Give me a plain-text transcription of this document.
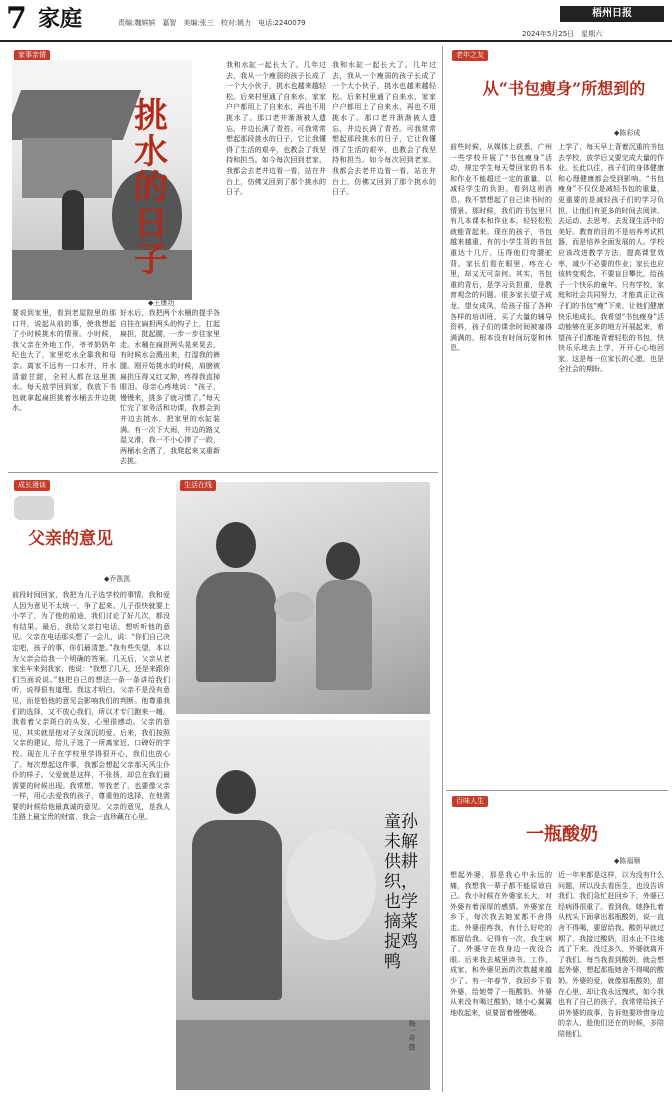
7 家庭	责编:魏嫔嫔　嘉智　美编:张三　校对:姚力　电话:2240079
梧州日报
2024年5月25日　星期六
家事亲情
挑水的日子
◆王康功
要说到家里，看到老屋院里的那口井，说起从前的事，使我想起了小时候挑水的情景。小时候，我父亲在外地工作，爷爷奶奶年纪也大了，家里吃水全靠我和母亲。离家不远有一口水井，井水清澈甘甜，全村人都在这里挑水。每天放学回到家，我放下书包就拿起扁担挑着水桶去井边挑水。
好水后，我把两个水桶的提手各自挂在扁担两头的钩子上，扛起扁担，挺起腰，一步一步往家里走。水桶在扁担两头晃来晃去，有时候水会溅出来，打湿我的裤腿。刚开始挑水的时候，肩膀被扁担压得又红又肿，疼得我直掉眼泪。母亲心疼地说：“孩子，慢慢来，挑多了就习惯了。”每天忙完了家务活和功课，我都会到井边去挑水，把家里的水缸装满。有一次下大雨，井边的路又湿又滑，我一不小心摔了一跤，两桶水全洒了，我爬起来又重新去挑。
我和水缸一起长大了。几年过去，我从一个瘦弱的孩子长成了一个大小伙子，挑水也越来越轻松。后来村里通了自来水，家家户户都用上了自来水，再也不用挑水了。那口老井渐渐被人遗忘，井边长满了青苔。可我常常想起那段挑水的日子，它让我懂得了生活的艰辛，也教会了我坚持和担当。如今每次回到老家，我都会去老井边看一看，站在井台上，仿佛又回到了那个挑水的日子。
我和水缸一起长大了。几年过去，我从一个瘦弱的孩子长成了一个大小伙子，挑水也越来越轻松。后来村里通了自来水，家家户户都用上了自来水，再也不用挑水了。那口老井渐渐被人遗忘，井边长满了青苔。可我常常想起那段挑水的日子，它让我懂得了生活的艰辛，也教会了我坚持和担当。如今每次回到老家，我都会去老井边看一看，站在井台上，仿佛又回到了那个挑水的日子。
成长漫谈
父亲的意见
◆乔凯凯
前段时间回家，我把为儿子选学校的事情，我和爱人因为意见不太统一，争了起来。儿子很快就要上小学了，为了他的前途，我们讨论了好几次，都没有结果。最后，我给父亲打电话，想听听他的意见。父亲在电话那头想了一会儿，说：“你们自己决定吧，孩子的事，你们最清楚。”我有些失望，本以为父亲会给我一个明确的答案。几天后，父亲从老家坐车来到我家，他说：“我想了几天，还是来跟你们当面说说。”他把自己的想法一条一条讲给我们听，说得很有道理。我这才明白，父亲不是没有意见，而是怕他的意见会影响我们的判断。他尊重我们的选择，又不放心我们，所以才专门跑来一趟。我看着父亲斑白的头发，心里很感动。父亲的意见，其实就是他对子女深沉的爱。后来，我们按照父亲的建议，给儿子选了一所离家近、口碑好的学校。现在儿子在学校里学得很开心，我们也放心了。每次想起这件事，我都会想起父亲那天风尘仆仆的样子。父爱就是这样，不张扬，却总在我们最需要的时候出现。我常想，等我老了，也要像父亲一样，用心去爱我的孩子，尊重他的选择，在他需要的时候给他最真诚的意见。父亲的意见，是我人生路上最宝贵的财富，我会一直珍藏在心里。
生活在线
童孙未解供耕织，也学摘菜捉鸡鸭
梅一奇 摄
老年之友
从“书包瘦身”所想到的
◆陈彩成
前些时候，从媒体上获悉，广州一些学校开展了“书包瘦身”活动，规定学生每天带回家的书本和作业不能超过一定的重量，以减轻学生的负担。看到这则消息，我不禁想起了自己读书时的情景。那时候，我们的书包里只有几本课本和作业本，轻轻松松就能背起来。现在的孩子，书包越来越重，有的小学生背的书包重达十几斤，压得他们弯腰驼背。家长们看在眼里，疼在心里，却又无可奈何。其实，书包重的背后，是学习负担重，是教育观念的问题。很多家长望子成龙、望女成凤，给孩子报了各种各样的培训班，买了大量的辅导资料，孩子们的课余时间被塞得满满的，根本没有时间玩耍和休息。
上学了，每天早上背着沉重的书包去学校，放学后又要完成大量的作业。长此以往，孩子们的身体健康和心理健康都会受到影响。“书包瘦身”不仅仅是减轻书包的重量，更重要的是减轻孩子们的学习负担，让他们有更多的时间去阅读、去运动、去思考、去发现生活中的美好。教育的目的不是培养考试机器，而是培养全面发展的人。学校应该改进教学方法，提高课堂效率，减少不必要的作业；家长也应该转变观念，不要盲目攀比，给孩子一个快乐的童年。只有学校、家庭和社会共同努力，才能真正让孩子们的书包“瘦”下来，让他们健康快乐地成长。我希望“书包瘦身”活动能够在更多的地方开展起来，希望孩子们都能背着轻松的书包，快快乐乐地去上学，开开心心地回家。这是每一位家长的心愿，也是全社会的期盼。
百味人生
一瓶酸奶
◆陈福顺
想起外婆，那是我心中永远的痛，我想我一辈子都不能原谅自己。我小时候在外婆家长大，对外婆有着深厚的感情。外婆家在乡下，每次我去她家都不舍得走。外婆很疼我，有什么好吃的都留给我。记得有一次，我生病了，外婆守在我身边一夜没合眼。后来我去城里读书、工作、成家，和外婆见面的次数越来越少了。有一年春节，我回乡下看外婆，给她带了一瓶酸奶。外婆从来没有喝过酸奶，她小心翼翼地收起来，说要留着慢慢喝。
近一年来都是这样，以为没有什么问题，所以没去看医生，也没告诉我们。我们急忙赶回乡下，外婆已经病得很重了。看到我，她挣扎着从枕头下面拿出那瓶酸奶，说一直舍不得喝，要留给我。酸奶早就过期了，我接过酸奶，泪水止不住地流了下来。没过多久，外婆就离开了我们。每当我看到酸奶，就会想起外婆，想起那瓶她舍不得喝的酸奶。外婆的爱，就像那瓶酸奶，甜在心里，却让我永远愧疚。如今我也有了自己的孩子，我常常给孩子讲外婆的故事，告诉他要珍惜身边的亲人，趁他们还在的时候，多陪陪他们。
